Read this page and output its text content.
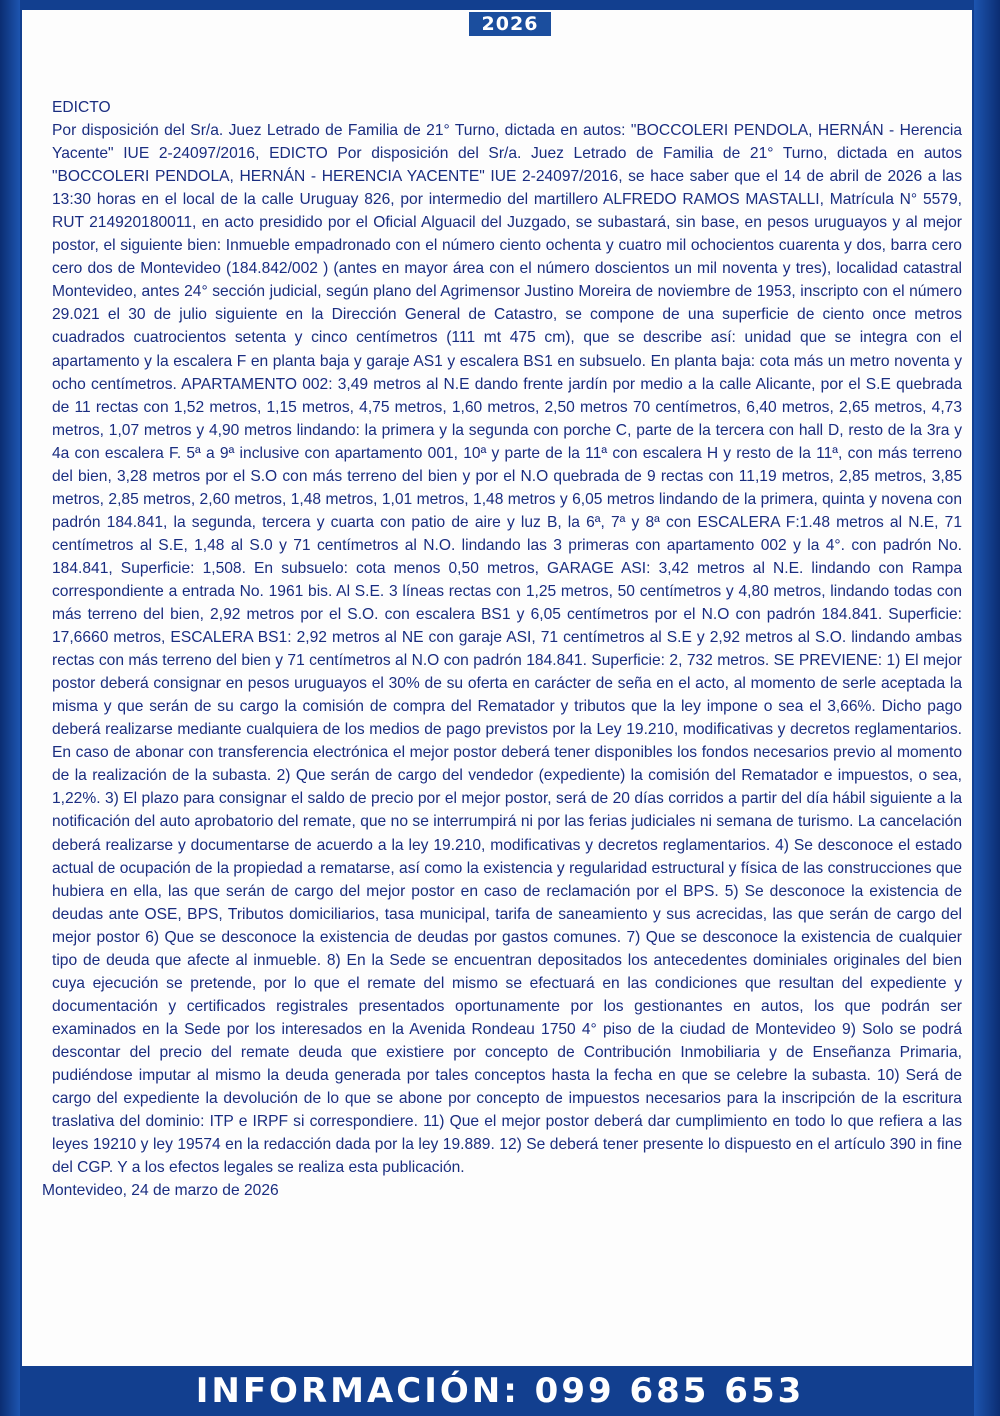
2026

EDICTO

Por disposición del Sr/a. Juez Letrado de Familia de 21° Turno, dictada en autos: "BOCCOLERI PENDOLA, HERNÁN - Herencia Yacente" IUE 2-24097/2016, EDICTO Por disposición del Sr/a. Juez Letrado de Familia de 21° Turno, dictada en autos "BOCCOLERI PENDOLA, HERNÁN - HERENCIA YACENTE" IUE 2-24097/2016, se hace saber que el 14 de abril de 2026 a las 13:30 horas en el local de la calle Uruguay 826, por intermedio del martillero ALFREDO RAMOS MASTALLI, Matrícula N° 5579, RUT 214920180011, en acto presidido por el Oficial Alguacil del Juzgado, se subastará, sin base, en pesos uruguayos y al mejor postor, el siguiente bien: Inmueble empadronado con el número ciento ochenta y cuatro mil ochocientos cuarenta y dos, barra cero cero dos de Montevideo (184.842/002 ) (antes en mayor área con el número doscientos un mil noventa y tres), localidad catastral Montevideo, antes 24° sección judicial, según plano del Agrimensor Justino Moreira de noviembre de 1953, inscripto con el número 29.021 el 30 de julio siguiente en la Dirección General de Catastro, se compone de una superficie de ciento once metros cuadrados cuatrocientos setenta y cinco centímetros (111 mt 475 cm), que se describe así: unidad que se integra con el apartamento y la escalera F en planta baja y garaje AS1 y escalera BS1 en subsuelo. En planta baja: cota más un metro noventa y ocho centímetros. APARTAMENTO 002: 3,49 metros al N.E dando frente jardín por medio a la calle Alicante, por el S.E quebrada de 11 rectas con 1,52 metros, 1,15 metros, 4,75 metros, 1,60 metros, 2,50 metros 70 centímetros, 6,40 metros, 2,65 metros, 4,73 metros, 1,07 metros y 4,90 metros lindando: la primera y la segunda con porche C, parte de la tercera con hall D, resto de la 3ra y 4a con escalera F. 5ª a 9ª inclusive con apartamento 001, 10ª y parte de la 11ª con escalera H y resto de la 11ª, con más terreno del bien, 3,28 metros por el S.O con más terreno del bien y por el N.O quebrada de 9 rectas con 11,19 metros, 2,85 metros, 3,85 metros, 2,85 metros, 2,60 metros, 1,48 metros, 1,01 metros, 1,48 metros y 6,05 metros lindando de la primera, quinta y novena con padrón 184.841, la segunda, tercera y cuarta con patio de aire y luz B, la 6ª, 7ª y 8ª con ESCALERA F:1.48 metros al N.E, 71 centímetros al S.E, 1,48 al S.0 y 71 centímetros al N.O. lindando las 3 primeras con apartamento 002 y la 4°. con padrón No. 184.841, Superficie: 1,508. En subsuelo: cota menos 0,50 metros, GARAGE ASI: 3,42 metros al N.E. lindando con Rampa correspondiente a entrada No. 1961 bis. Al S.E. 3 líneas rectas con 1,25 metros, 50 centímetros y 4,80 metros, lindando todas con más terreno del bien, 2,92 metros por el S.O. con escalera BS1 y 6,05 centímetros por el N.O con padrón 184.841. Superficie: 17,6660 metros, ESCALERA BS1: 2,92 metros al NE con garaje ASI, 71 centímetros al S.E y 2,92 metros al S.O. lindando ambas rectas con más terreno del bien y 71 centímetros al N.O con padrón 184.841. Superficie: 2, 732 metros. SE PREVIENE: 1) El mejor postor deberá consignar en pesos uruguayos el 30% de su oferta en carácter de seña en el acto, al momento de serle aceptada la misma y que serán de su cargo la comisión de compra del Rematador y tributos que la ley impone o sea el 3,66%. Dicho pago deberá realizarse mediante cualquiera de los medios de pago previstos por la Ley 19.210, modificativas y decretos reglamentarios. En caso de abonar con transferencia electrónica el mejor postor deberá tener disponibles los fondos necesarios previo al momento de la realización de la subasta. 2) Que serán de cargo del vendedor (expediente) la comisión del Rematador e impuestos, o sea, 1,22%. 3) El plazo para consignar el saldo de precio por el mejor postor, será de 20 días corridos a partir del día hábil siguiente a la notificación del auto aprobatorio del remate, que no se interrumpirá ni por las ferias judiciales ni semana de turismo. La cancelación deberá realizarse y documentarse de acuerdo a la ley 19.210, modificativas y decretos reglamentarios. 4) Se desconoce el estado actual de ocupación de la propiedad a rematarse, así como la existencia y regularidad estructural y física de las construcciones que hubiera en ella, las que serán de cargo del mejor postor en caso de reclamación por el BPS. 5) Se desconoce la existencia de deudas ante OSE, BPS, Tributos domiciliarios, tasa municipal, tarifa de saneamiento y sus acrecidas, las que serán de cargo del mejor postor 6) Que se desconoce la existencia de deudas por gastos comunes. 7) Que se desconoce la existencia de cualquier tipo de deuda que afecte al inmueble. 8) En la Sede se encuentran depositados los antecedentes dominiales originales del bien cuya ejecución se pretende, por lo que el remate del mismo se efectuará en las condiciones que resultan del expediente y documentación y certificados registrales presentados oportunamente por los gestionantes en autos, los que podrán ser examinados en la Sede por los interesados en la Avenida Rondeau 1750 4° piso de la ciudad de Montevideo 9) Solo se podrá descontar del precio del remate deuda que existiere por concepto de Contribución Inmobiliaria y de Enseñanza Primaria, pudiéndose imputar al mismo la deuda generada por tales conceptos hasta la fecha en que se celebre la subasta. 10) Será de cargo del expediente la devolución de lo que se abone por concepto de impuestos necesarios para la inscripción de la escritura traslativa del dominio: ITP e IRPF si correspondiere. 11) Que el mejor postor deberá dar cumplimiento en todo lo que refiera a las leyes 19210 y ley 19574 en la redacción dada por la ley 19.889. 12) Se deberá tener presente lo dispuesto en el artículo 390 in fine del CGP. Y a los efectos legales se realiza esta publicación.

Montevideo, 24 de marzo de 2026

INFORMACIÓN: 099 685 653
